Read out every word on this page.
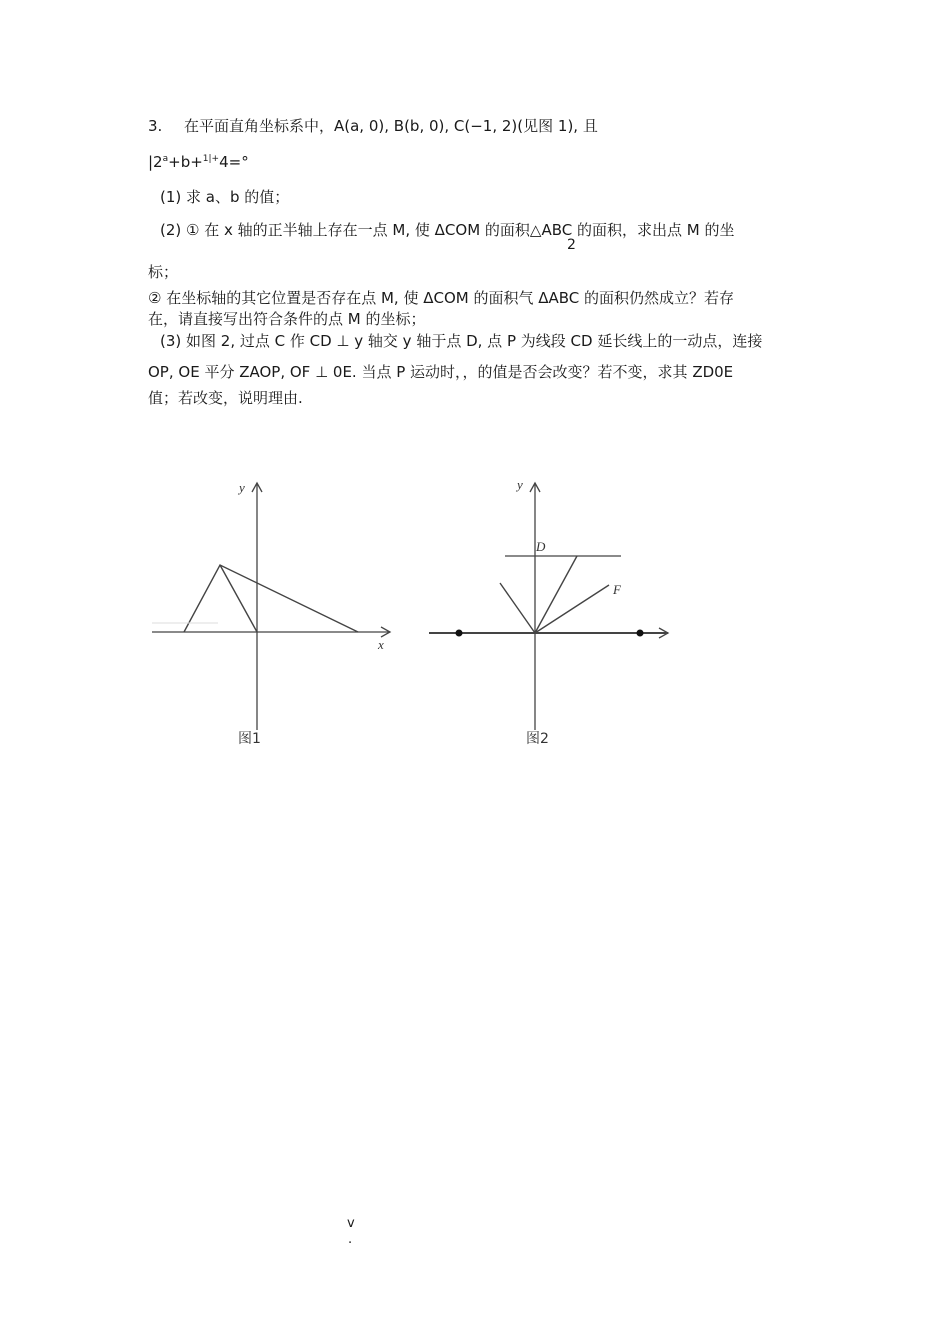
3. 在平面直角坐标系中，A(a, 0), B(b, 0), C(−1, 2)(见图 1), 且
$|2^a+b+^{1|+}4=^\circ$
(1) 求 a、b 的值；
(2) ① 在 x 轴的正半轴上存在一点 M, 使 ΔCOM 的面积△ABC 的面积，求出点 M 的坐
2
标；
② 在坐标轴的其它位置是否存在点 M, 使 ΔCOM 的面积气 ΔABC 的面积仍然成立？若存
在，请直接写出符合条件的点 M 的坐标；
(3) 如图 2, 过点 C 作 CD ⊥ y 轴交 y 轴于点 D, 点 P 为线段 CD 延长线上的一动点，连接
OP, OE 平分 ZAOP, OF ⊥ 0E. 当点 P 运动时，，的值是否会改变？若不变，求其 ZD0E
值；若改变，说明理由.
y
x
图1
y
D
F
图2
v
.
